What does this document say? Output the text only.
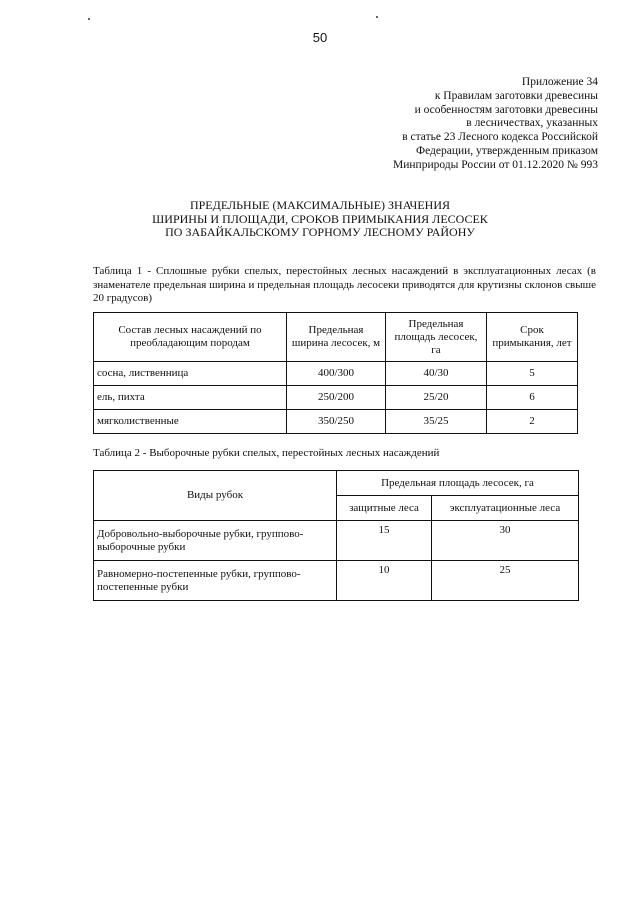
50
Приложение 34
к Правилам заготовки древесины
и особенностям заготовки древесины
в лесничествах, указанных
в статье 23 Лесного кодекса Российской
Федерации, утвержденным приказом
Минприроды России от 01.12.2020 № 993
ПРЕДЕЛЬНЫЕ (МАКСИМАЛЬНЫЕ) ЗНАЧЕНИЯ
ШИРИНЫ И ПЛОЩАДИ, СРОКОВ ПРИМЫКАНИЯ ЛЕСОСЕК
ПО ЗАБАЙКАЛЬСКОМУ ГОРНОМУ ЛЕСНОМУ РАЙОНУ
Таблица 1 - Сплошные рубки спелых, перестойных лесных насаждений в эксплуатационных лесах (в знаменателе предельная ширина и предельная площадь лесосеки приводятся для крутизны склонов свыше 20 градусов)
Состав лесных насаждений по преобладающим породам	Предельная ширина лесосек, м	Предельная площадь лесосек, га	Срок примыкания, лет
сосна, лиственница	400/300	40/30	5
ель, пихта	250/200	25/20	6
мягколиственные	350/250	35/25	2
Таблица 2 - Выборочные рубки спелых, перестойных лесных насаждений
Виды рубок	Предельная площадь лесосек, га	
	защитные леса	эксплуатационные леса
Добровольно-выборочные рубки, группово-выборочные рубки	15	30
Равномерно-постепенные рубки, группово-постепенные рубки	10	25
